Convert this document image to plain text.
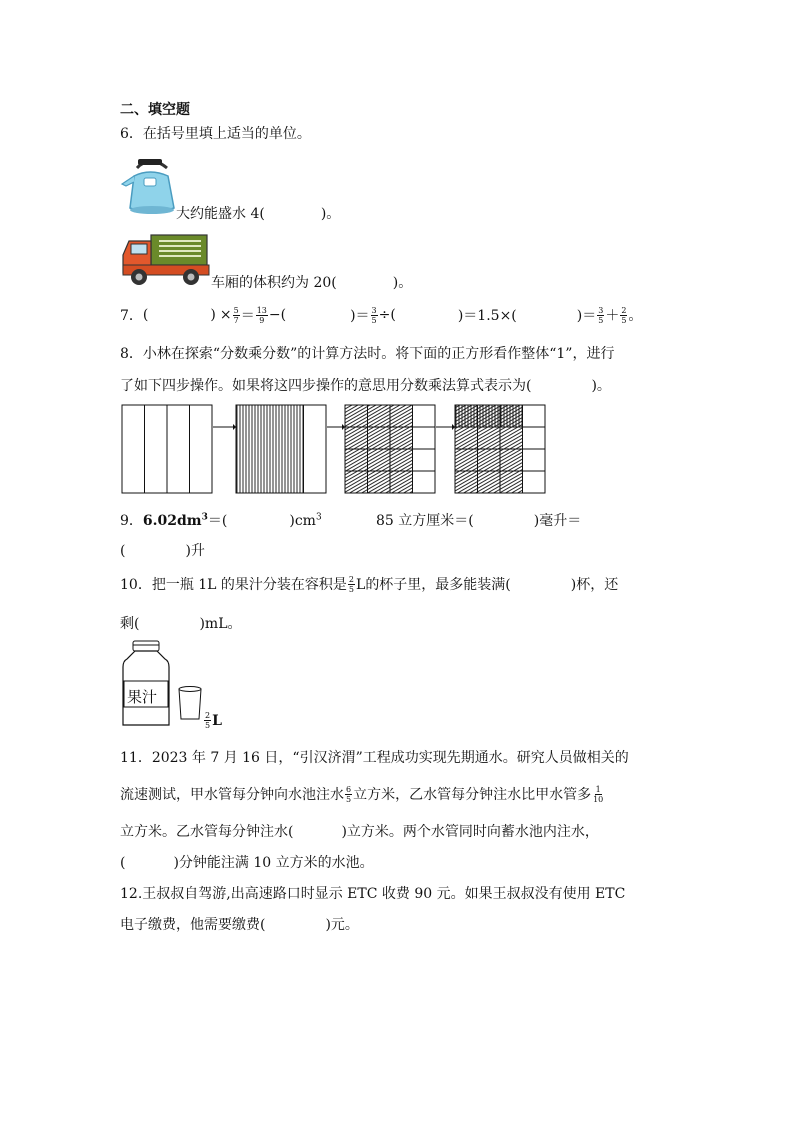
二、填空题
6．在括号里填上适当的单位。
大约能盛水 4(	)。
车厢的体积约为 20(	)。
7． (	) × $\frac{5}{7} = \frac{13}{9}$ −(	)＝ $\frac{3}{5}$ ÷(	)＝1.5×(	)＝ $\frac{3}{5} + \frac{2}{5}$ 。
8．小林在探索“分数乘分数”的计算方法时。将下面的正方形看作整体“1”，进行
了如下四步操作。如果将这四步操作的意思用分数乘法算式表示为(	)。
9．$6.02dm^3=$(	)$cm^3$	85 立方厘米＝(	)毫升＝
(	)升
10．把一瓶 1L 的果汁分装在容积是 $\frac{2}{5}$ L的杯子里，最多能装满(	)杯，还
剩(	)mL。
果汁
$\frac{2}{5}$ L
11．2023 年 7 月 16 日，“引汉济渭”工程成功实现先期通水。研究人员做相关的
流速测试，甲水管每分钟向水池注水 $\frac{6}{5}$ 立方米，乙水管每分钟注水比甲水管多 $\frac{1}{10}$
立方米。乙水管每分钟注水(	)立方米。两个水管同时向蓄水池内注水，
(	)分钟能注满 10 立方米的水池。
12.王叔叔自驾游,出高速路口时显示 ETC 收费 90 元。如果王叔叔没有使用 ETC
电子缴费，他需要缴费(	)元。
